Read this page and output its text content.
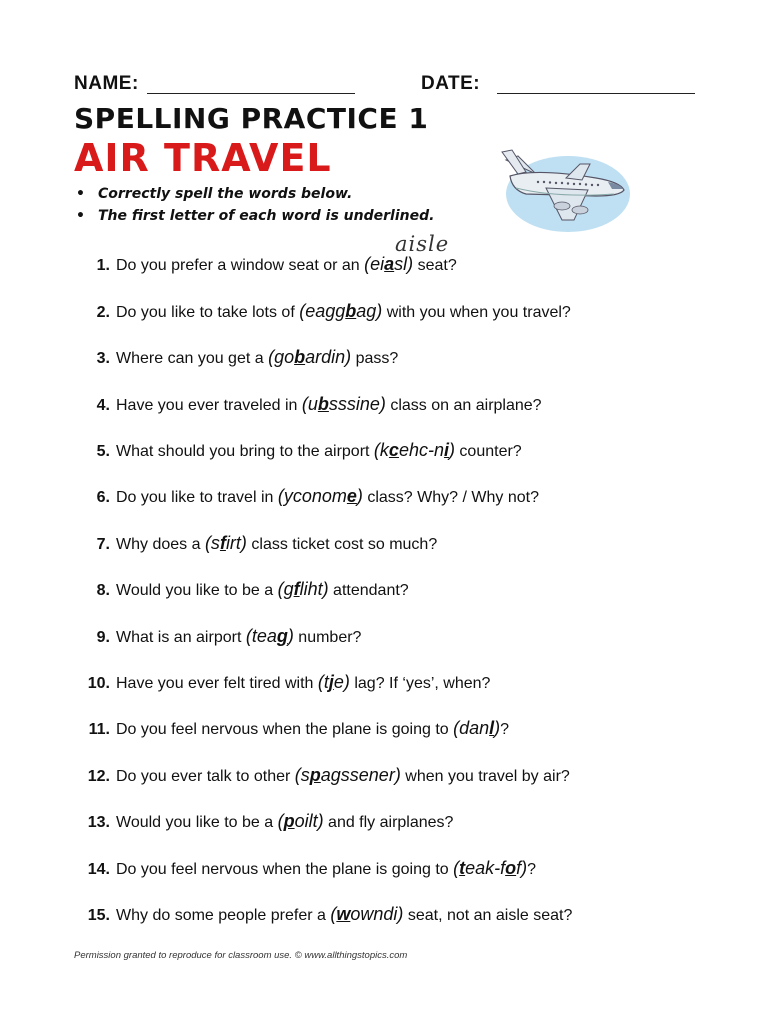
NAME:	DATE:
SPELLING PRACTICE 1
AIR TRAVEL
• Correctly spell the words below.
• The first letter of each word is underlined.
aisle
1. Do you prefer a window seat or an (eiasl) seat?
2. Do you like to take lots of (eaggbag) with you when you travel?
3. Where can you get a (gobardin) pass?
4. Have you ever traveled in (ubsssine) class on an airplane?
5. What should you bring to the airport (kcehc-ni) counter?
6. Do you like to travel in (yconome) class? Why? / Why not?
7. Why does a (sfirt) class ticket cost so much?
8. Would you like to be a (gfliht) attendant?
9. What is an airport (teag) number?
10. Have you ever felt tired with (tje) lag? If ‘yes’, when?
11. Do you feel nervous when the plane is going to (danl)?
12. Do you ever talk to other (spagssener) when you travel by air?
13. Would you like to be a (poilt) and fly airplanes?
14. Do you feel nervous when the plane is going to (teak-fof)?
15. Why do some people prefer a (wowndi) seat, not an aisle seat?
Permission granted to reproduce for classroom use. © www.allthingstopics.com
